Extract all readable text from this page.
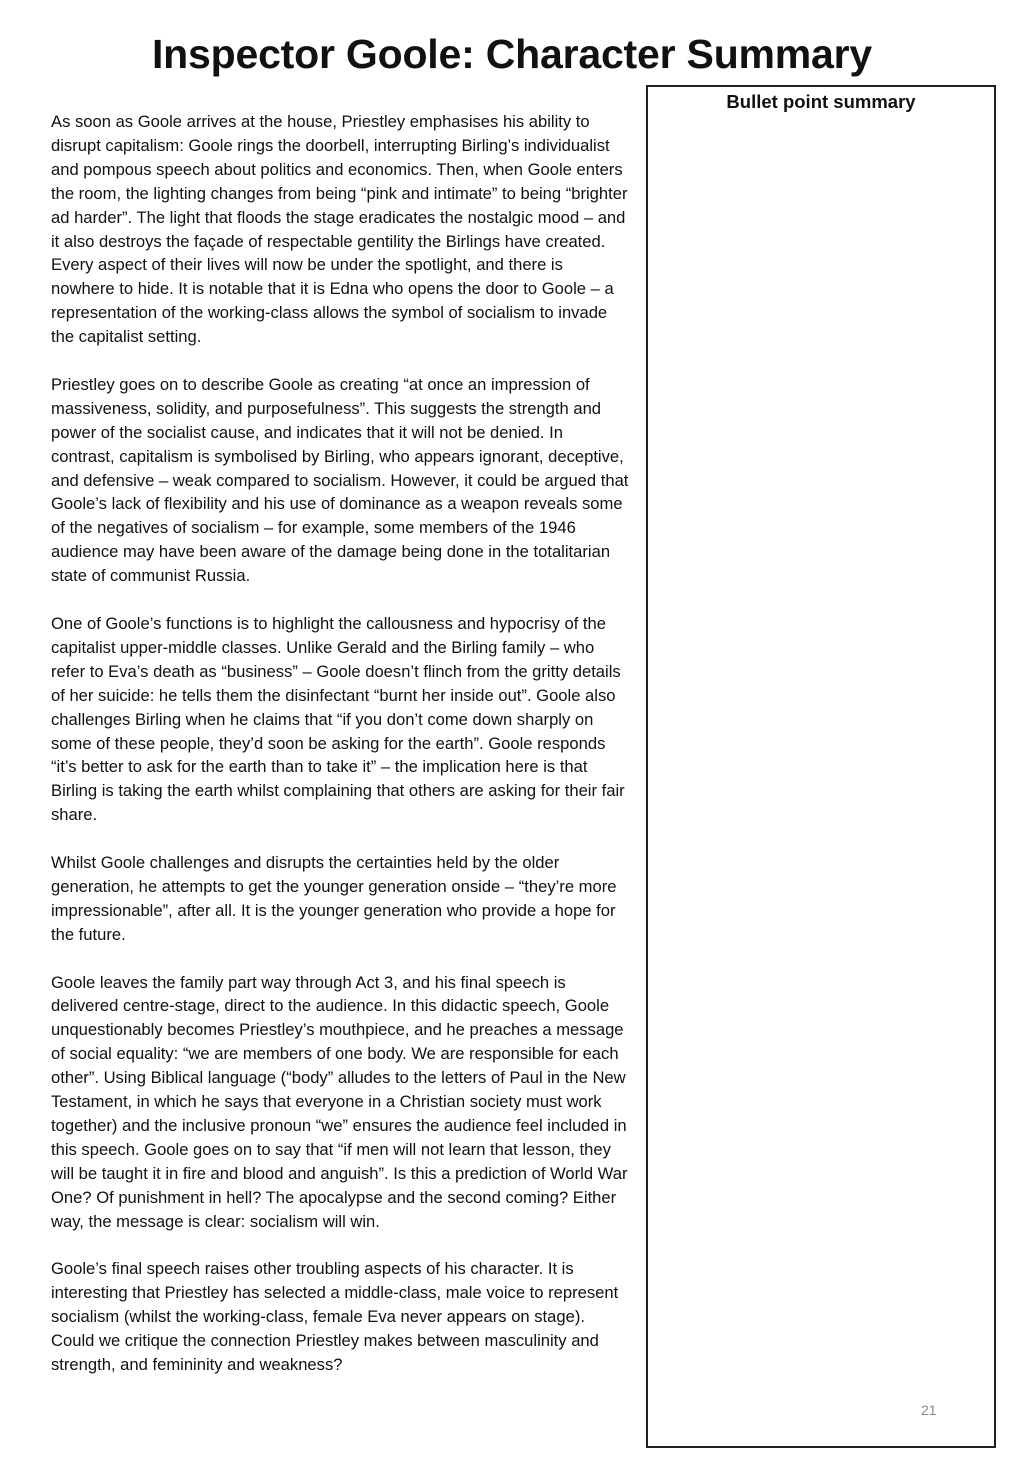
Inspector Goole: Character Summary

As soon as Goole arrives at the house, Priestley emphasises his ability to disrupt capitalism: Goole rings the doorbell, interrupting Birling’s individualist and pompous speech about politics and economics. Then, when Goole enters the room, the lighting changes from being “pink and intimate” to being “brighter ad harder”. The light that floods the stage eradicates the nostalgic mood – and it also destroys the façade of respectable gentility the Birlings have created. Every aspect of their lives will now be under the spotlight, and there is nowhere to hide. It is notable that it is Edna who opens the door to Goole – a representation of the working-class allows the symbol of socialism to invade the capitalist setting.

Priestley goes on to describe Goole as creating “at once an impression of massiveness, solidity, and purposefulness”. This suggests the strength and power of the socialist cause, and indicates that it will not be denied. In contrast, capitalism is symbolised by Birling, who appears ignorant, deceptive, and defensive – weak compared to socialism. However, it could be argued that Goole’s lack of flexibility and his use of dominance as a weapon reveals some of the negatives of socialism – for example, some members of the 1946 audience may have been aware of the damage being done in the totalitarian state of communist Russia.

One of Goole’s functions is to highlight the callousness and hypocrisy of the capitalist upper-middle classes. Unlike Gerald and the Birling family – who refer to Eva’s death as “business” – Goole doesn’t flinch from the gritty details of her suicide: he tells them the disinfectant “burnt her inside out”. Goole also challenges Birling when he claims that “if you don’t come down sharply on some of these people, they’d soon be asking for the earth”. Goole responds “it’s better to ask for the earth than to take it” – the implication here is that Birling is taking the earth whilst complaining that others are asking for their fair share.

Whilst Goole challenges and disrupts the certainties held by the older generation, he attempts to get the younger generation onside – “they’re more impressionable”, after all. It is the younger generation who provide a hope for the future.

Goole leaves the family part way through Act 3, and his final speech is delivered centre-stage, direct to the audience. In this didactic speech, Goole unquestionably becomes Priestley’s mouthpiece, and he preaches a message of social equality: “we are members of one body. We are responsible for each other”. Using Biblical language (“body” alludes to the letters of Paul in the New Testament, in which he says that everyone in a Christian society must work together) and the inclusive pronoun “we” ensures the audience feel included in this speech. Goole goes on to say that “if men will not learn that lesson, they will be taught it in fire and blood and anguish”. Is this a prediction of World War One? Of punishment in hell? The apocalypse and the second coming? Either way, the message is clear: socialism will win.

Goole’s final speech raises other troubling aspects of his character. It is interesting that Priestley has selected a middle-class, male voice to represent socialism (whilst the working-class, female Eva never appears on stage). Could we critique the connection Priestley makes between masculinity and strength, and femininity and weakness?

Bullet point summary
21
